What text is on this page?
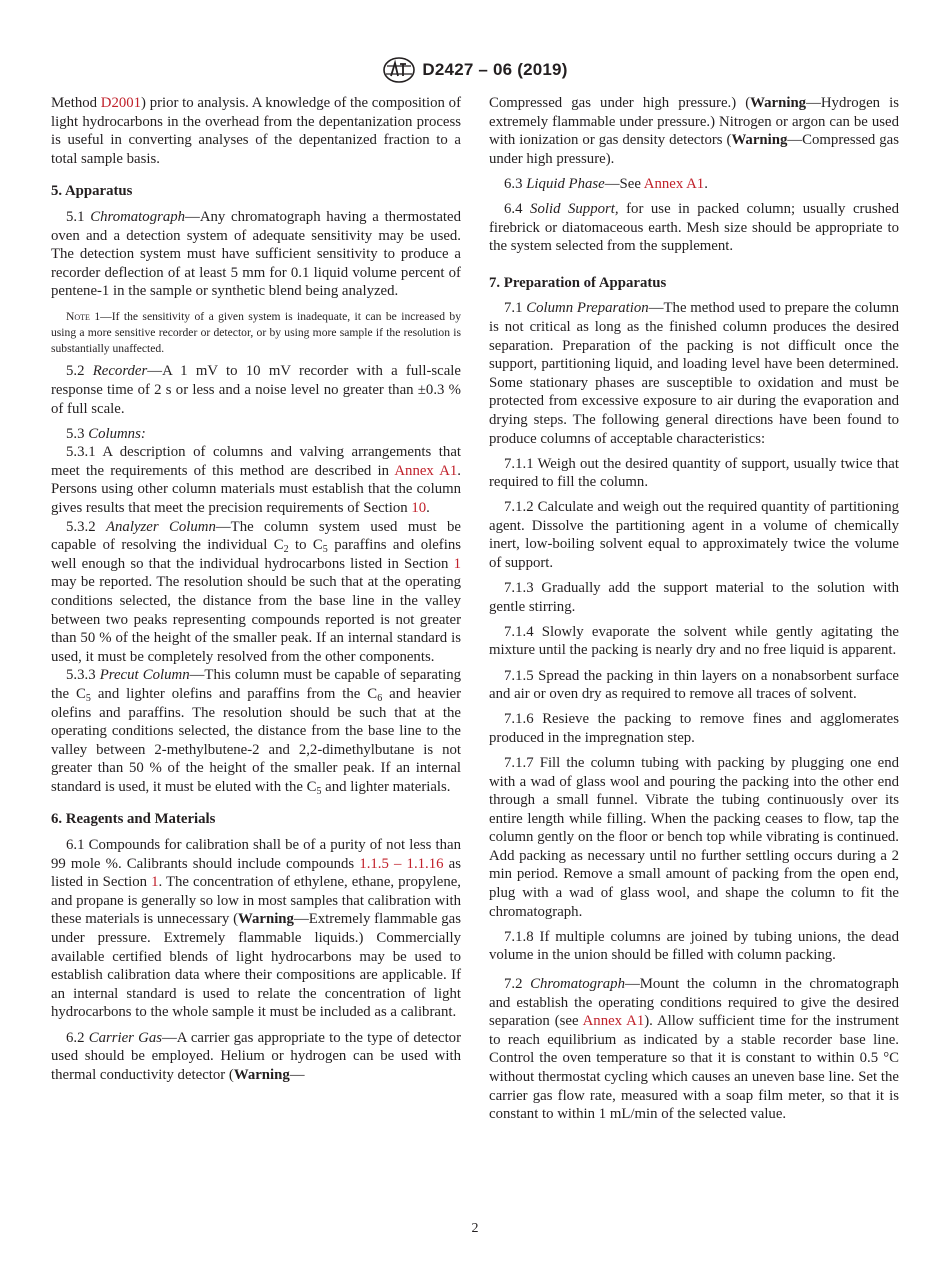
D2427 – 06 (2019)

Method D2001) prior to analysis. A knowledge of the composition of light hydrocarbons in the overhead from the depentanization process is useful in converting analyses of the depentanized fraction to a total sample basis.

5. Apparatus

5.1 Chromatograph—Any chromatograph having a thermostated oven and a detection system of adequate sensitivity may be used. The detection system must have sufficient sensitivity to produce a recorder deflection of at least 5 mm for 0.1 liquid volume percent of pentene-1 in the sample or synthetic blend being analyzed.

Note 1—If the sensitivity of a given system is inadequate, it can be increased by using a more sensitive recorder or detector, or by using more sample if the resolution is substantially unaffected.

5.2 Recorder—A 1 mV to 10 mV recorder with a full-scale response time of 2 s or less and a noise level no greater than ±0.3 % of full scale.

5.3 Columns:

5.3.1 A description of columns and valving arrangements that meet the requirements of this method are described in Annex A1. Persons using other column materials must establish that the column gives results that meet the precision requirements of Section 10.

5.3.2 Analyzer Column—The column system used must be capable of resolving the individual $C_2$ to $C_5$ paraffins and olefins well enough so that the individual hydrocarbons listed in Section 1 may be reported. The resolution should be such that at the operating conditions selected, the distance from the base line in the valley between two peaks representing compounds reported is not greater than 50 % of the height of the smaller peak. If an internal standard is used, it must be completely resolved from the other components.

5.3.3 Precut Column—This column must be capable of separating the $C_5$ and lighter olefins and paraffins from the $C_6$ and heavier olefins and paraffins. The resolution should be such that at the operating conditions selected, the distance from the base line to the valley between 2-methylbutene-2 and 2,2-dimethylbutane is not greater than 50 % of the height of the smaller peak. If an internal standard is used, it must be eluted with the $C_5$ and lighter materials.

6. Reagents and Materials

6.1 Compounds for calibration shall be of a purity of not less than 99 mole %. Calibrants should include compounds 1.1.5 – 1.1.16 as listed in Section 1. The concentration of ethylene, ethane, propylene, and propane is generally so low in most samples that calibration with these materials is unnecessary (Warning—Extremely flammable gas under pressure. Extremely flammable liquids.) Commercially available certified blends of light hydrocarbons may be used to establish calibration data where their compositions are applicable. If an internal standard is used to relate the concentration of light hydrocarbons to the whole sample it must be included as a calibrant.

6.2 Carrier Gas—A carrier gas appropriate to the type of detector used should be employed. Helium or hydrogen can be used with thermal conductivity detector (Warning—

Compressed gas under high pressure.) (Warning—Hydrogen is extremely flammable under pressure.) Nitrogen or argon can be used with ionization or gas density detectors (Warning—Compressed gas under high pressure).

6.3 Liquid Phase—See Annex A1.

6.4 Solid Support, for use in packed column; usually crushed firebrick or diatomaceous earth. Mesh size should be appropriate to the system selected from the supplement.

7. Preparation of Apparatus

7.1 Column Preparation—The method used to prepare the column is not critical as long as the finished column produces the desired separation. Preparation of the packing is not difficult once the support, partitioning liquid, and loading level have been determined. Some stationary phases are susceptible to oxidation and must be protected from excessive exposure to air during the evaporation and drying steps. The following general directions have been found to produce columns of acceptable characteristics:

7.1.1 Weigh out the desired quantity of support, usually twice that required to fill the column.

7.1.2 Calculate and weigh out the required quantity of partitioning agent. Dissolve the partitioning agent in a volume of chemically inert, low-boiling solvent equal to approximately twice the volume of support.

7.1.3 Gradually add the support material to the solution with gentle stirring.

7.1.4 Slowly evaporate the solvent while gently agitating the mixture until the packing is nearly dry and no free liquid is apparent.

7.1.5 Spread the packing in thin layers on a nonabsorbent surface and air or oven dry as required to remove all traces of solvent.

7.1.6 Resieve the packing to remove fines and agglomerates produced in the impregnation step.

7.1.7 Fill the column tubing with packing by plugging one end with a wad of glass wool and pouring the packing into the other end through a small funnel. Vibrate the tubing continuously over its entire length while filling. When the packing ceases to flow, tap the column gently on the floor or bench top while vibrating is continued. Add packing as necessary until no further settling occurs during a 2 min period. Remove a small amount of packing from the open end, plug with a wad of glass wool, and shape the column to fit the chromatograph.

7.1.8 If multiple columns are joined by tubing unions, the dead volume in the union should be filled with column packing.

7.2 Chromatograph—Mount the column in the chromatograph and establish the operating conditions required to give the desired separation (see Annex A1). Allow sufficient time for the instrument to reach equilibrium as indicated by a stable recorder base line. Control the oven temperature so that it is constant to within 0.5 °C without thermostat cycling which causes an uneven base line. Set the carrier gas flow rate, measured with a soap film meter, so that it is constant to within 1 mL/min of the selected value.

2
